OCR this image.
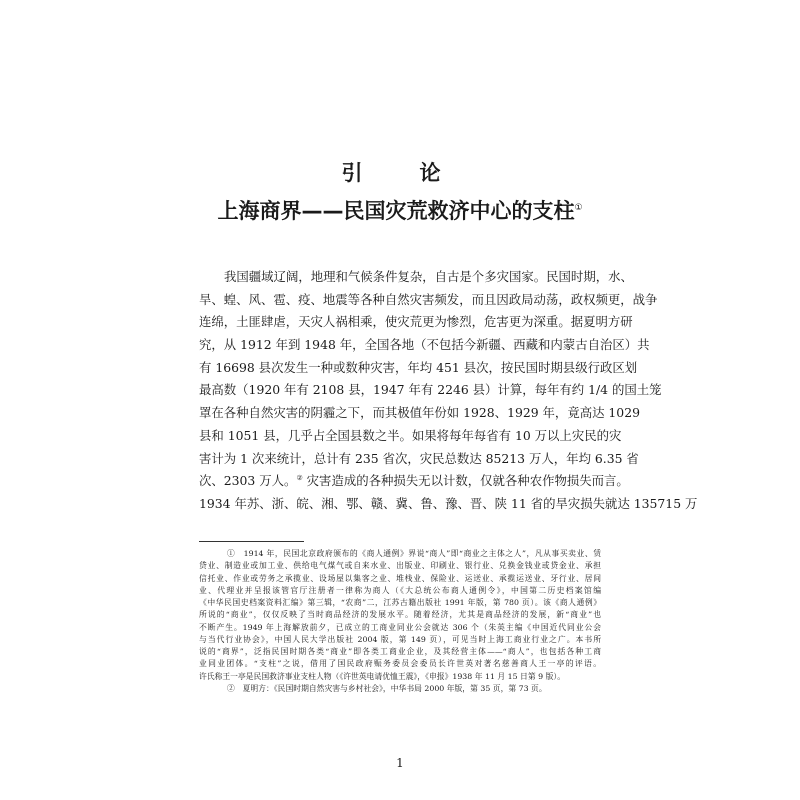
引　论
上海商界——民国灾荒救济中心的支柱①
我国疆域辽阔，地理和气候条件复杂，自古是个多灾国家。民国时期，水、
旱、蝗、风、雹、疫、地震等各种自然灾害频发，而且因政局动荡，政权频更，战争
连绵，土匪肆虐，天灾人祸相乘，使灾荒更为惨烈，危害更为深重。据夏明方研
究，从 1912 年到 1948 年，全国各地（不包括今新疆、西藏和内蒙古自治区）共
有 16698 县次发生一种或数种灾害，年均 451 县次，按民国时期县级行政区划
最高数（1920 年有 2108 县，1947 年有 2246 县）计算，每年有约 1/4 的国土笼
罩在各种自然灾害的阴霾之下，而其极值年份如 1928、1929 年，竟高达 1029
县和 1051 县，几乎占全国县数之半。如果将每年每省有 10 万以上灾民的灾
害计为 1 次来统计，总计有 235 省次，灾民总数达 85213 万人，年均 6.35 省
次、2303 万人。② 灾害造成的各种损失无以计数，仅就各种农作物损失而言。
1934 年苏、浙、皖、湘、鄂、赣、冀、鲁、豫、晋、陕 11 省的旱灾损失就达 135715 万
①　1914 年，民国北京政府颁布的《商人通例》界说“商人”即“商业之主体之人”，凡从事买卖业、赁
贷业、制造业或加工业、供给电气煤气或自来水业、出版业、印刷业、银行业、兑换金钱业或贷金业、承担
信托业、作业或劳务之承揽业、设场屋以集客之业、堆栈业、保险业、运送业、承揽运送业、牙行业、居间
业、代理业并呈报该管官厅注册者一律称为商人（《大总统公布商人通例令》，中国第二历史档案馆编
《中华民国史档案资料汇编》第三辑，“农商”二，江苏古籍出版社 1991 年版，第 780 页）。该《商人通例》
所说的“商业”，仅仅反映了当时商品经济的发展水平。随着经济，尤其是商品经济的发展，新“商业”也
不断产生。1949 年上海解放前夕，已成立的工商业同业公会就达 306 个（朱英主编《中国近代同业公会
与当代行业协会》，中国人民大学出版社 2004 版，第 149 页），可见当时上海工商业行业之广。本书所
说的“商界”，泛指民国时期各类“商业”即各类工商业企业，及其经营主体——“商人”，也包括各种工商
业同业团体。“支柱”之说，借用了国民政府赈务委员会委员长许世英对著名慈善商人王一亭的评语。
许氏称王一亭是民国救济事业支柱人物（《许世英电请优恤王震》，《申报》1938 年 11 月 15 日第 9 版）。
②　夏明方：《民国时期自然灾害与乡村社会》，中华书局 2000 年版，第 35 页，第 73 页。
1
